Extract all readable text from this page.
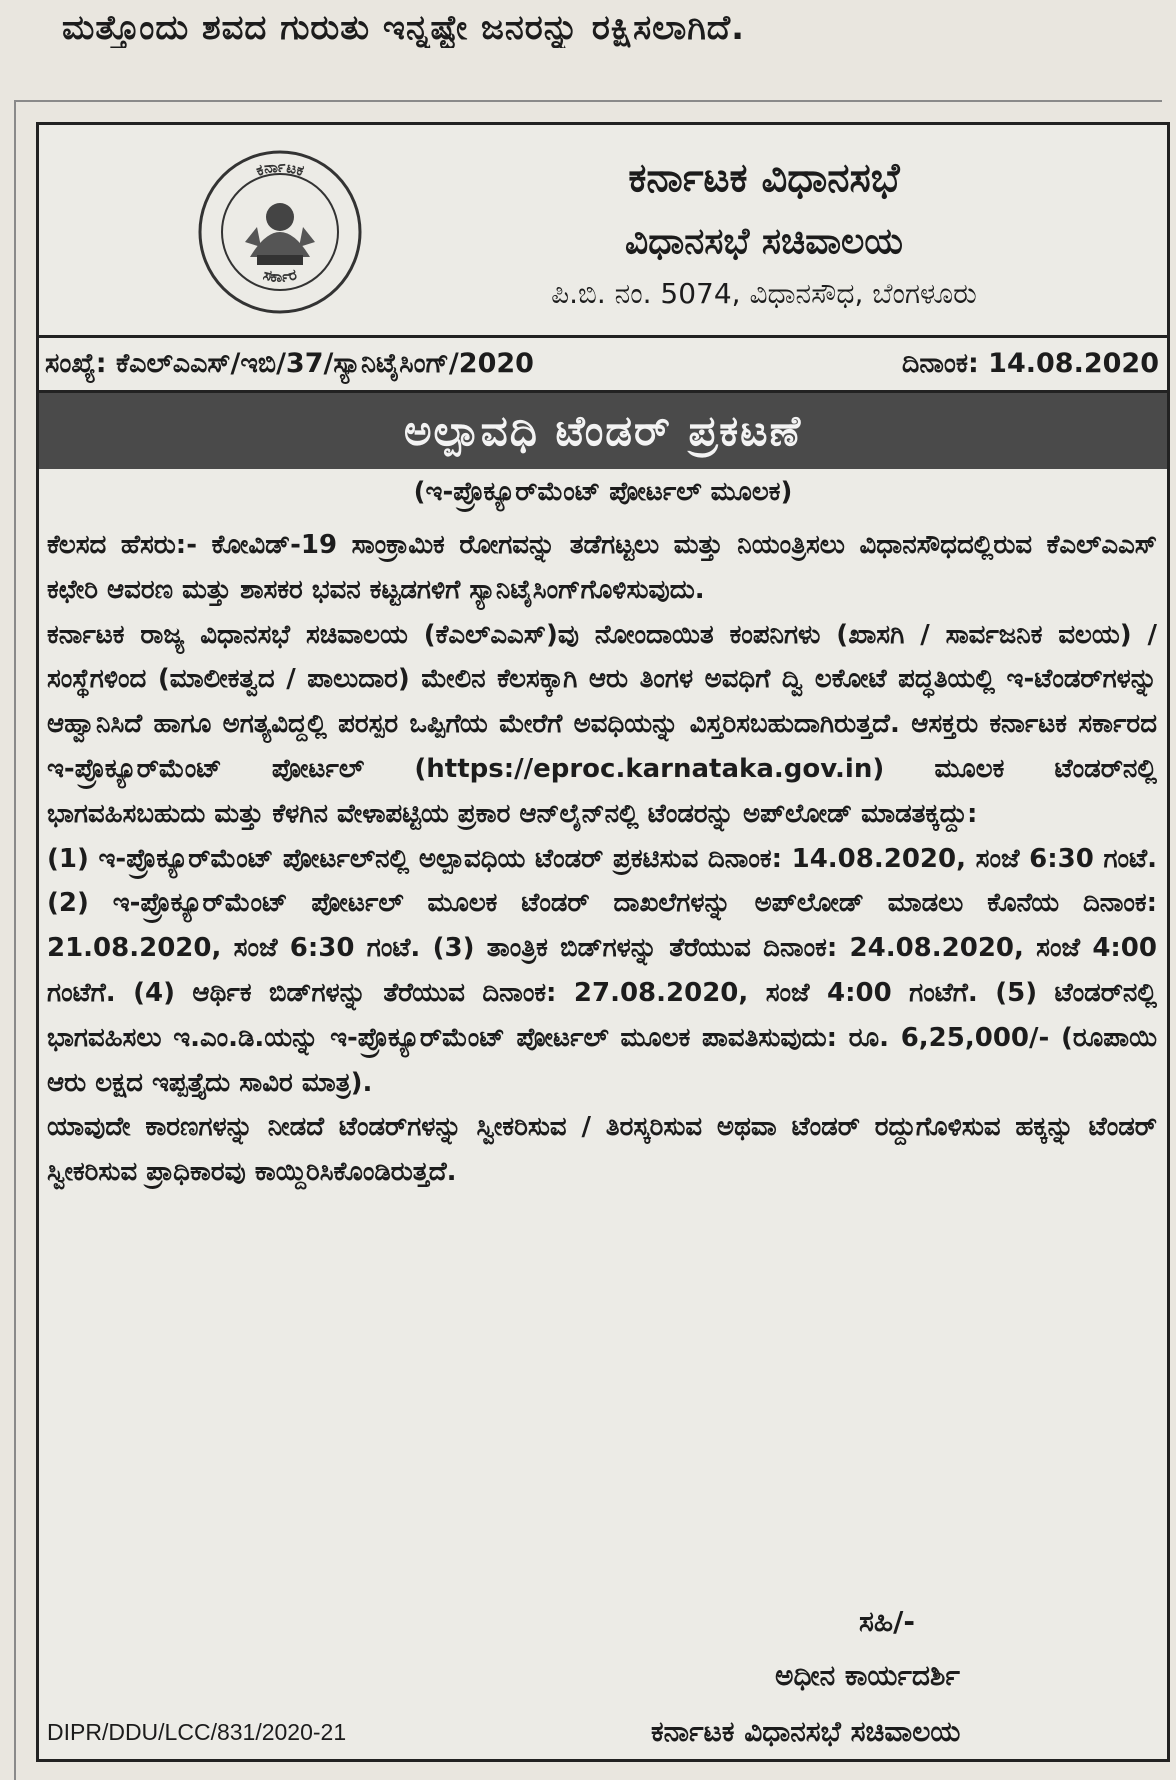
ಮತ್ತೊಂದು ಶವದ ಗುರುತು ಇನ್ನಷ್ಟೇ ಜನರನ್ನು ರಕ್ಷಿಸಲಾಗಿದೆ.
ಕರ್ನಾಟಕ
ಸರ್ಕಾರ
ಕರ್ನಾಟಕ ವಿಧಾನಸಭೆ
ವಿಧಾನಸಭೆ ಸಚಿವಾಲಯ
ಪಿ.ಬಿ. ನಂ. 5074, ವಿಧಾನಸೌಧ, ಬೆಂಗಳೂರು
ಸಂಖ್ಯೆ: ಕೆಎಲ್‌ಎಎಸ್/ಇಬಿ/37/ಸ್ಯಾನಿಟೈಸಿಂಗ್/2020	ದಿನಾಂಕ: 14.08.2020
ಅಲ್ಪಾವಧಿ ಟೆಂಡರ್ ಪ್ರಕಟಣೆ
(ಇ-ಪ್ರೊಕ್ಯೂರ್‌ಮೆಂಟ್ ಪೋರ್ಟಲ್ ಮೂಲಕ)

ಕೆಲಸದ ಹೆಸರು:- ಕೋವಿಡ್-19 ಸಾಂಕ್ರಾಮಿಕ ರೋಗವನ್ನು ತಡೆಗಟ್ಟಲು ಮತ್ತು ನಿಯಂತ್ರಿಸಲು ವಿಧಾನಸೌಧದಲ್ಲಿರುವ ಕೆಎಲ್‌ಎಎಸ್ ಕಛೇರಿ ಆವರಣ ಮತ್ತು ಶಾಸಕರ ಭವನ ಕಟ್ಟಡಗಳಿಗೆ ಸ್ಯಾನಿಟೈಸಿಂಗ್‌ಗೊಳಿಸುವುದು.

ಕರ್ನಾಟಕ ರಾಜ್ಯ ವಿಧಾನಸಭೆ ಸಚಿವಾಲಯ (ಕೆಎಲ್‌ಎಎಸ್)ವು ನೋಂದಾಯಿತ ಕಂಪನಿಗಳು (ಖಾಸಗಿ / ಸಾರ್ವಜನಿಕ ವಲಯ) / ಸಂಸ್ಥೆಗಳಿಂದ (ಮಾಲೀಕತ್ವದ / ಪಾಲುದಾರ) ಮೇಲಿನ ಕೆಲಸಕ್ಕಾಗಿ ಆರು ತಿಂಗಳ ಅವಧಿಗೆ ದ್ವಿ ಲಕೋಟೆ ಪದ್ಧತಿಯಲ್ಲಿ ಇ-ಟೆಂಡರ್‌ಗಳನ್ನು ಆಹ್ವಾನಿಸಿದೆ ಹಾಗೂ ಅಗತ್ಯವಿದ್ದಲ್ಲಿ ಪರಸ್ಪರ ಒಪ್ಪಿಗೆಯ ಮೇರೆಗೆ ಅವಧಿಯನ್ನು ವಿಸ್ತರಿಸಬಹುದಾಗಿರುತ್ತದೆ. ಆಸಕ್ತರು ಕರ್ನಾಟಕ ಸರ್ಕಾರದ ಇ-ಪ್ರೊಕ್ಯೂರ್‌ಮೆಂಟ್ ಪೋರ್ಟಲ್ (https://eproc.karnataka.gov.in) ಮೂಲಕ ಟೆಂಡರ್‌ನಲ್ಲಿ ಭಾಗವಹಿಸಬಹುದು ಮತ್ತು ಕೆಳಗಿನ ವೇಳಾಪಟ್ಟಿಯ ಪ್ರಕಾರ ಆನ್‌ಲೈನ್‌ನಲ್ಲಿ ಟೆಂಡರನ್ನು ಅಪ್‌ಲೋಡ್ ಮಾಡತಕ್ಕದ್ದು:

(1) ಇ-ಪ್ರೊಕ್ಯೂರ್‌ಮೆಂಟ್ ಪೋರ್ಟಲ್‌ನಲ್ಲಿ ಅಲ್ಪಾವಧಿಯ ಟೆಂಡರ್ ಪ್ರಕಟಿಸುವ ದಿನಾಂಕ: 14.08.2020, ಸಂಜೆ 6:30 ಗಂಟೆ. (2) ಇ-ಪ್ರೊಕ್ಯೂರ್‌ಮೆಂಟ್ ಪೋರ್ಟಲ್ ಮೂಲಕ ಟೆಂಡರ್ ದಾಖಲೆಗಳನ್ನು ಅಪ್‌ಲೋಡ್ ಮಾಡಲು ಕೊನೆಯ ದಿನಾಂಕ: 21.08.2020, ಸಂಜೆ 6:30 ಗಂಟೆ. (3) ತಾಂತ್ರಿಕ ಬಿಡ್‌ಗಳನ್ನು ತೆರೆಯುವ ದಿನಾಂಕ: 24.08.2020, ಸಂಜೆ 4:00 ಗಂಟೆಗೆ. (4) ಆರ್ಥಿಕ ಬಿಡ್‌ಗಳನ್ನು ತೆರೆಯುವ ದಿನಾಂಕ: 27.08.2020, ಸಂಜೆ 4:00 ಗಂಟೆಗೆ. (5) ಟೆಂಡರ್‌ನಲ್ಲಿ ಭಾಗವಹಿಸಲು ಇ.ಎಂ.ಡಿ.ಯನ್ನು ಇ-ಪ್ರೊಕ್ಯೂರ್‌ಮೆಂಟ್ ಪೋರ್ಟಲ್ ಮೂಲಕ ಪಾವತಿಸುವುದು: ರೂ. 6,25,000/- (ರೂಪಾಯಿ ಆರು ಲಕ್ಷದ ಇಪ್ಪತ್ತೈದು ಸಾವಿರ ಮಾತ್ರ).

ಯಾವುದೇ ಕಾರಣಗಳನ್ನು ನೀಡದೆ ಟೆಂಡರ್‌ಗಳನ್ನು ಸ್ವೀಕರಿಸುವ / ತಿರಸ್ಕರಿಸುವ ಅಥವಾ ಟೆಂಡರ್ ರದ್ದುಗೊಳಿಸುವ ಹಕ್ಕನ್ನು ಟೆಂಡರ್ ಸ್ವೀಕರಿಸುವ ಪ್ರಾಧಿಕಾರವು ಕಾಯ್ದಿರಿಸಿಕೊಂಡಿರುತ್ತದೆ.

ಸಹಿ/-
ಅಧೀನ ಕಾರ್ಯದರ್ಶಿ
ಕರ್ನಾಟಕ ವಿಧಾನಸಭೆ ಸಚಿವಾಲಯ
DIPR/DDU/LCC/831/2020-21
